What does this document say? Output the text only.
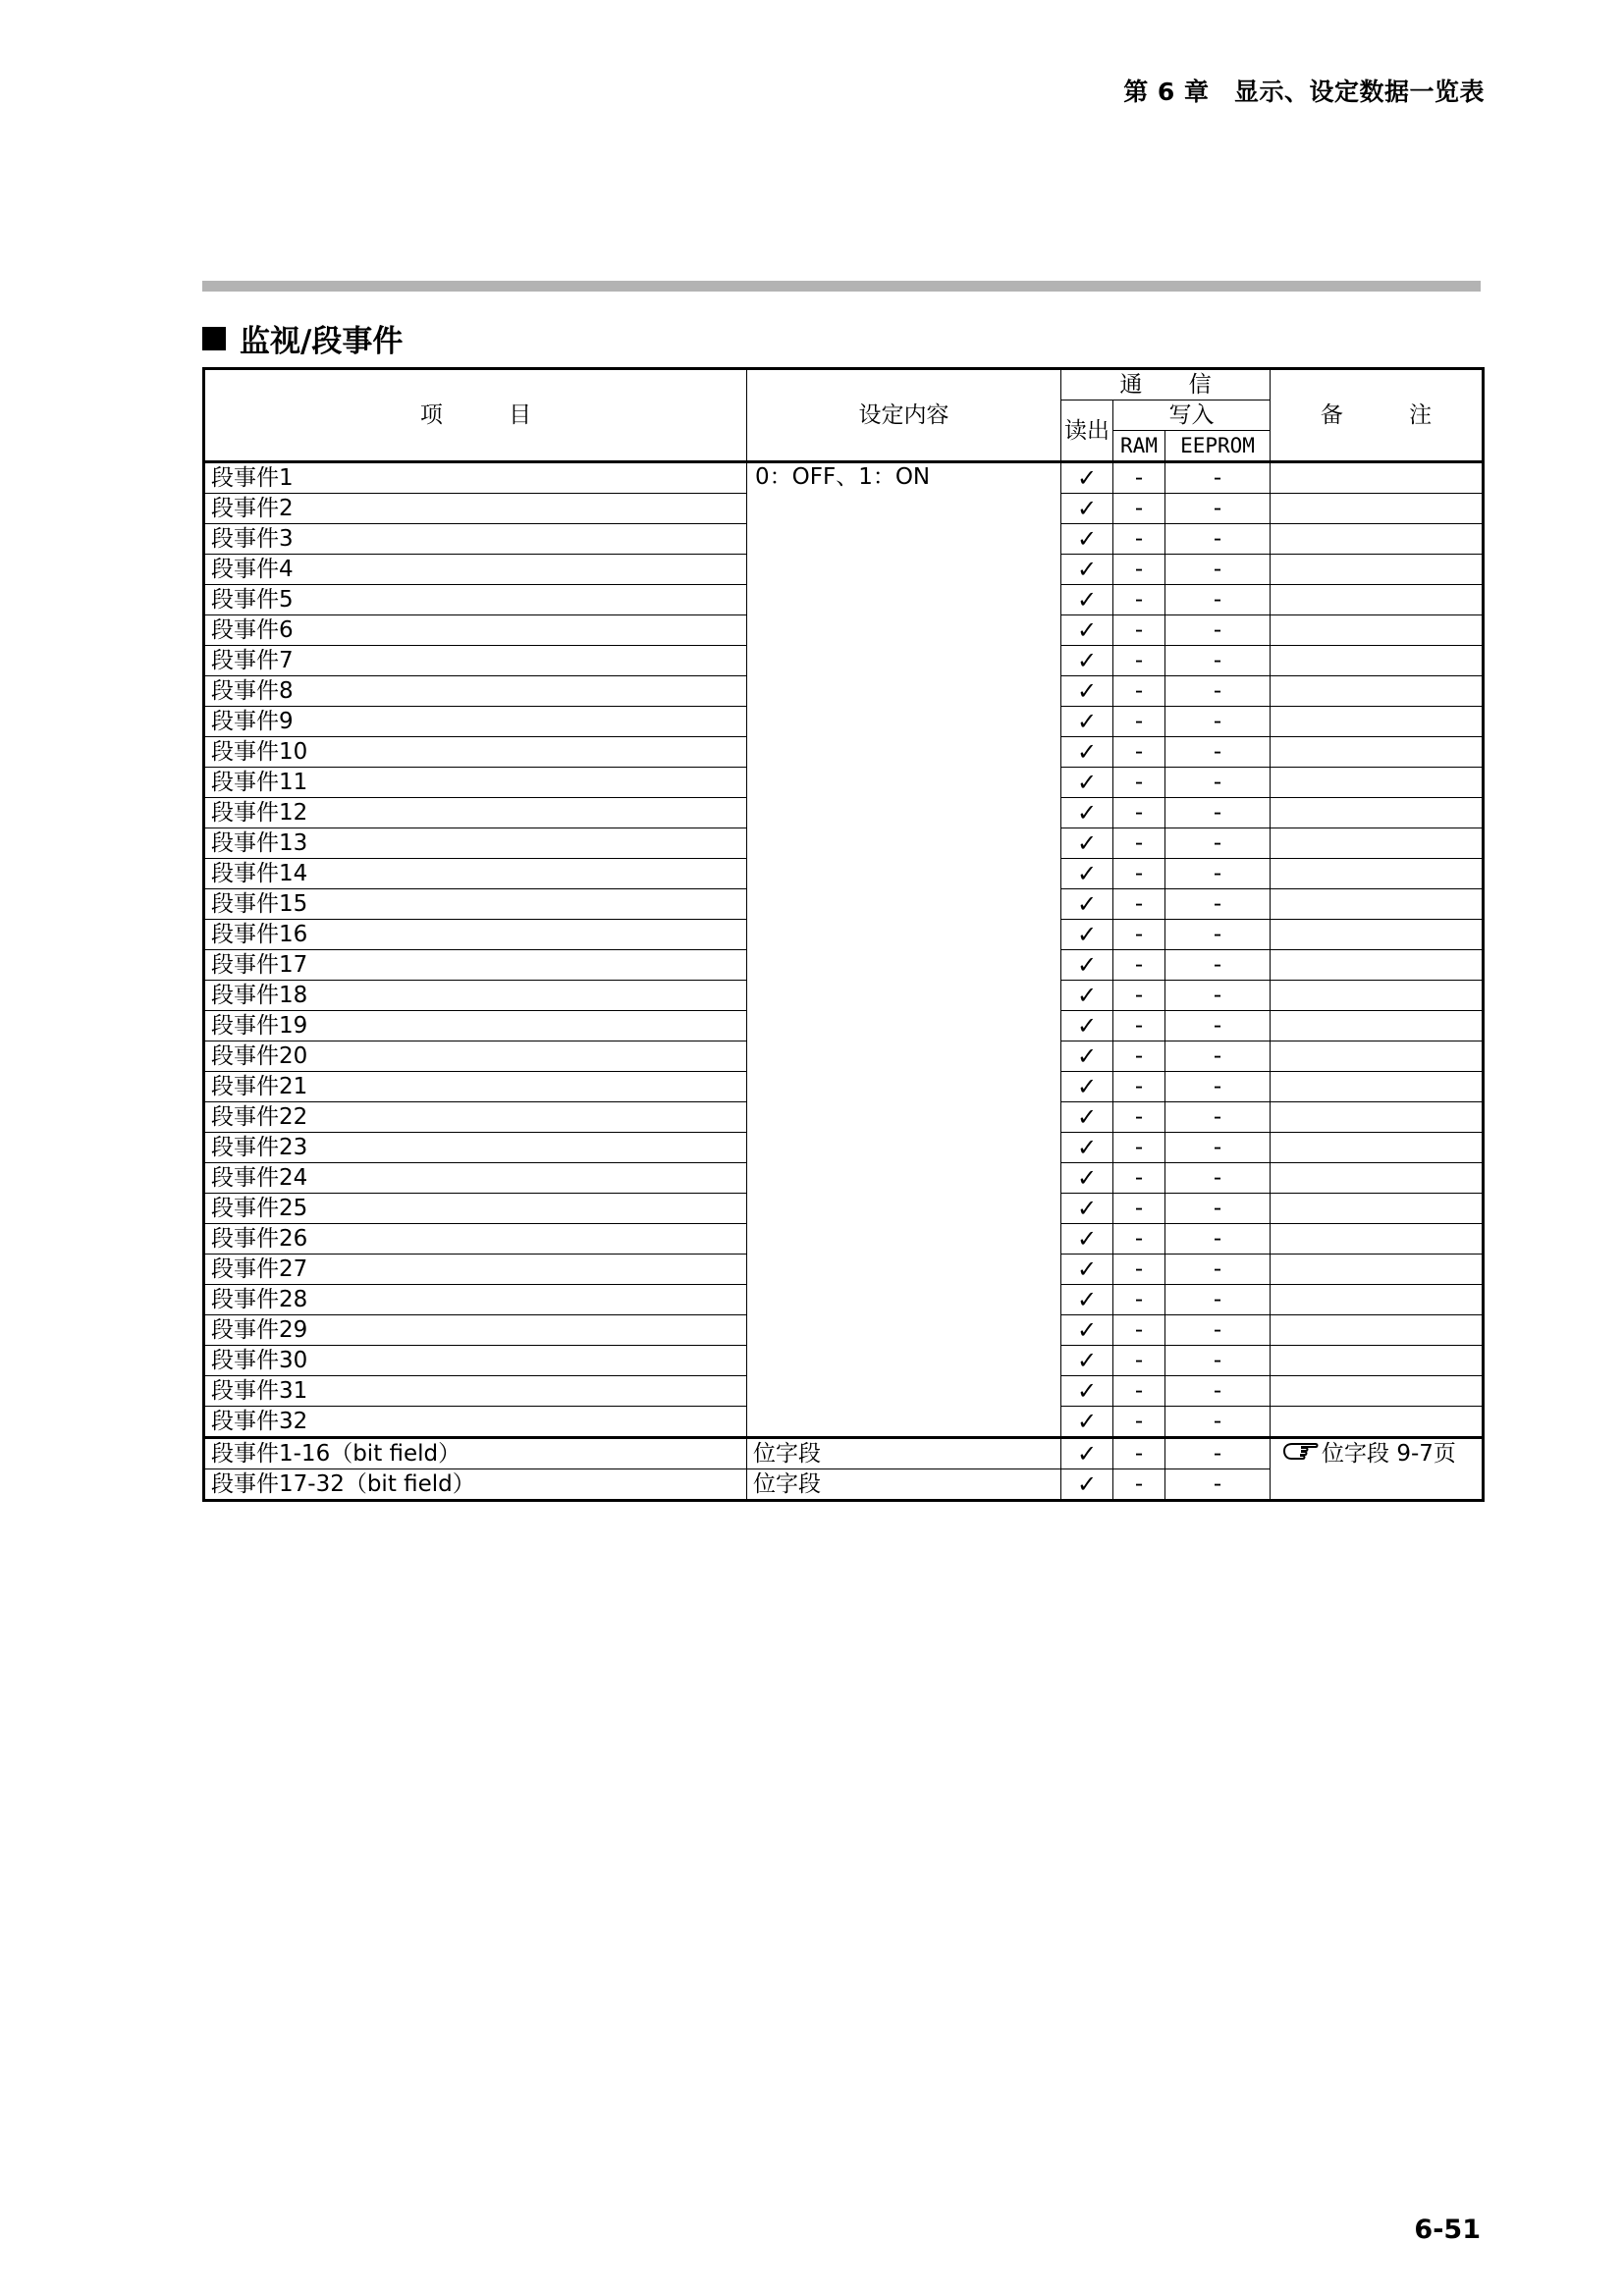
第 6 章　显示、设定数据一览表
监视/段事件
项 目	设定内容	通 信			备 注
		读出	写入		
			RAM	EEPROM	
段事件1	0：OFF、1：ON	✓	-	-	
段事件2		✓	-	-	
段事件3		✓	-	-	
段事件4		✓	-	-	
段事件5		✓	-	-	
段事件6		✓	-	-	
段事件7		✓	-	-	
段事件8		✓	-	-	
段事件9		✓	-	-	
段事件10		✓	-	-	
段事件11		✓	-	-	
段事件12		✓	-	-	
段事件13		✓	-	-	
段事件14		✓	-	-	
段事件15		✓	-	-	
段事件16		✓	-	-	
段事件17		✓	-	-	
段事件18		✓	-	-	
段事件19		✓	-	-	
段事件20		✓	-	-	
段事件21		✓	-	-	
段事件22		✓	-	-	
段事件23		✓	-	-	
段事件24		✓	-	-	
段事件25		✓	-	-	
段事件26		✓	-	-	
段事件27		✓	-	-	
段事件28		✓	-	-	
段事件29		✓	-	-	
段事件30		✓	-	-	
段事件31		✓	-	-	
段事件32		✓	-	-	
段事件1-16（bit field）	位字段	✓	-	-	位字段 9-7页
段事件17-32（bit field）	位字段	✓	-	-	
6-51
